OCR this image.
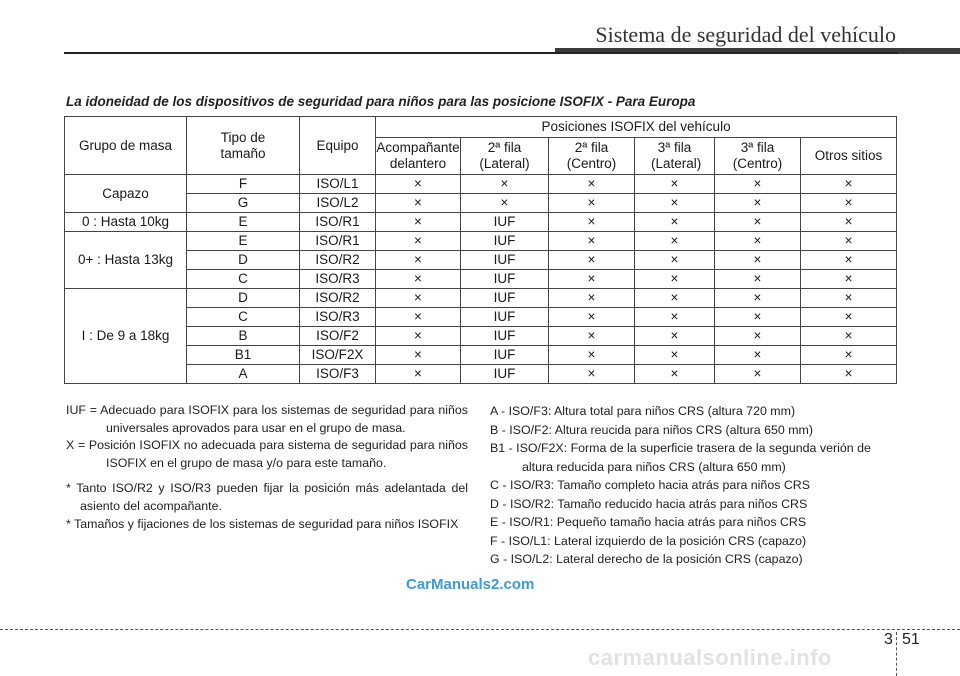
Sistema de seguridad del vehículo
La idoneidad de los dispositivos de seguridad para niños para las posicione ISOFIX - Para Europa
Grupo de masa	Tipo de tamaño	Equipo	Posiciones ISOFIX del vehículo					
			Acompañante delantero	2ª fila (Lateral)	2ª fila (Centro)	3ª fila (Lateral)	3ª fila (Centro)	Otros sitios
Capazo	F	ISO/L1	×	×	×	×	×	×
	G	ISO/L2	×	×	×	×	×	×
0 : Hasta 10kg	E	ISO/R1	×	IUF	×	×	×	×
0+ : Hasta 13kg	E	ISO/R1	×	IUF	×	×	×	×
	D	ISO/R2	×	IUF	×	×	×	×
	C	ISO/R3	×	IUF	×	×	×	×
I : De 9 a 18kg	D	ISO/R2	×	IUF	×	×	×	×
	C	ISO/R3	×	IUF	×	×	×	×
	B	ISO/F2	×	IUF	×	×	×	×
	B1	ISO/F2X	×	IUF	×	×	×	×
	A	ISO/F3	×	IUF	×	×	×	×

IUF = Adecuado para ISOFIX para los sistemas de seguridad para niños universales aprovados para usar en el grupo de masa.

X = Posición ISOFIX no adecuada para sistema de seguridad para niños ISOFIX en el grupo de masa y/o para este tamaño.

* Tanto ISO/R2 y ISO/R3 pueden fijar la posición más adelantada del asiento del acompañante.

* Tamaños y fijaciones de los sistemas de seguridad para niños ISOFIX

A - ISO/F3: Altura total para niños CRS (altura 720 mm)

B - ISO/F2: Altura reucida para niños CRS (altura 650 mm)

B1 - ISO/F2X: Forma de la superficie trasera de la segunda verión de altura reducida para niños CRS (altura 650 mm)

C - ISO/R3: Tamaño completo hacia atrás para niños CRS

D - ISO/R2: Tamaño reducido hacia atrás para niños CRS

E - ISO/R1: Pequeño tamaño hacia atrás para niños CRS

F - ISO/L1: Lateral izquierdo de la posición CRS (capazo)

G - ISO/L2: Lateral derecho de la posición CRS (capazo)

CarManuals2.com
3 51
carmanualsonline.info
